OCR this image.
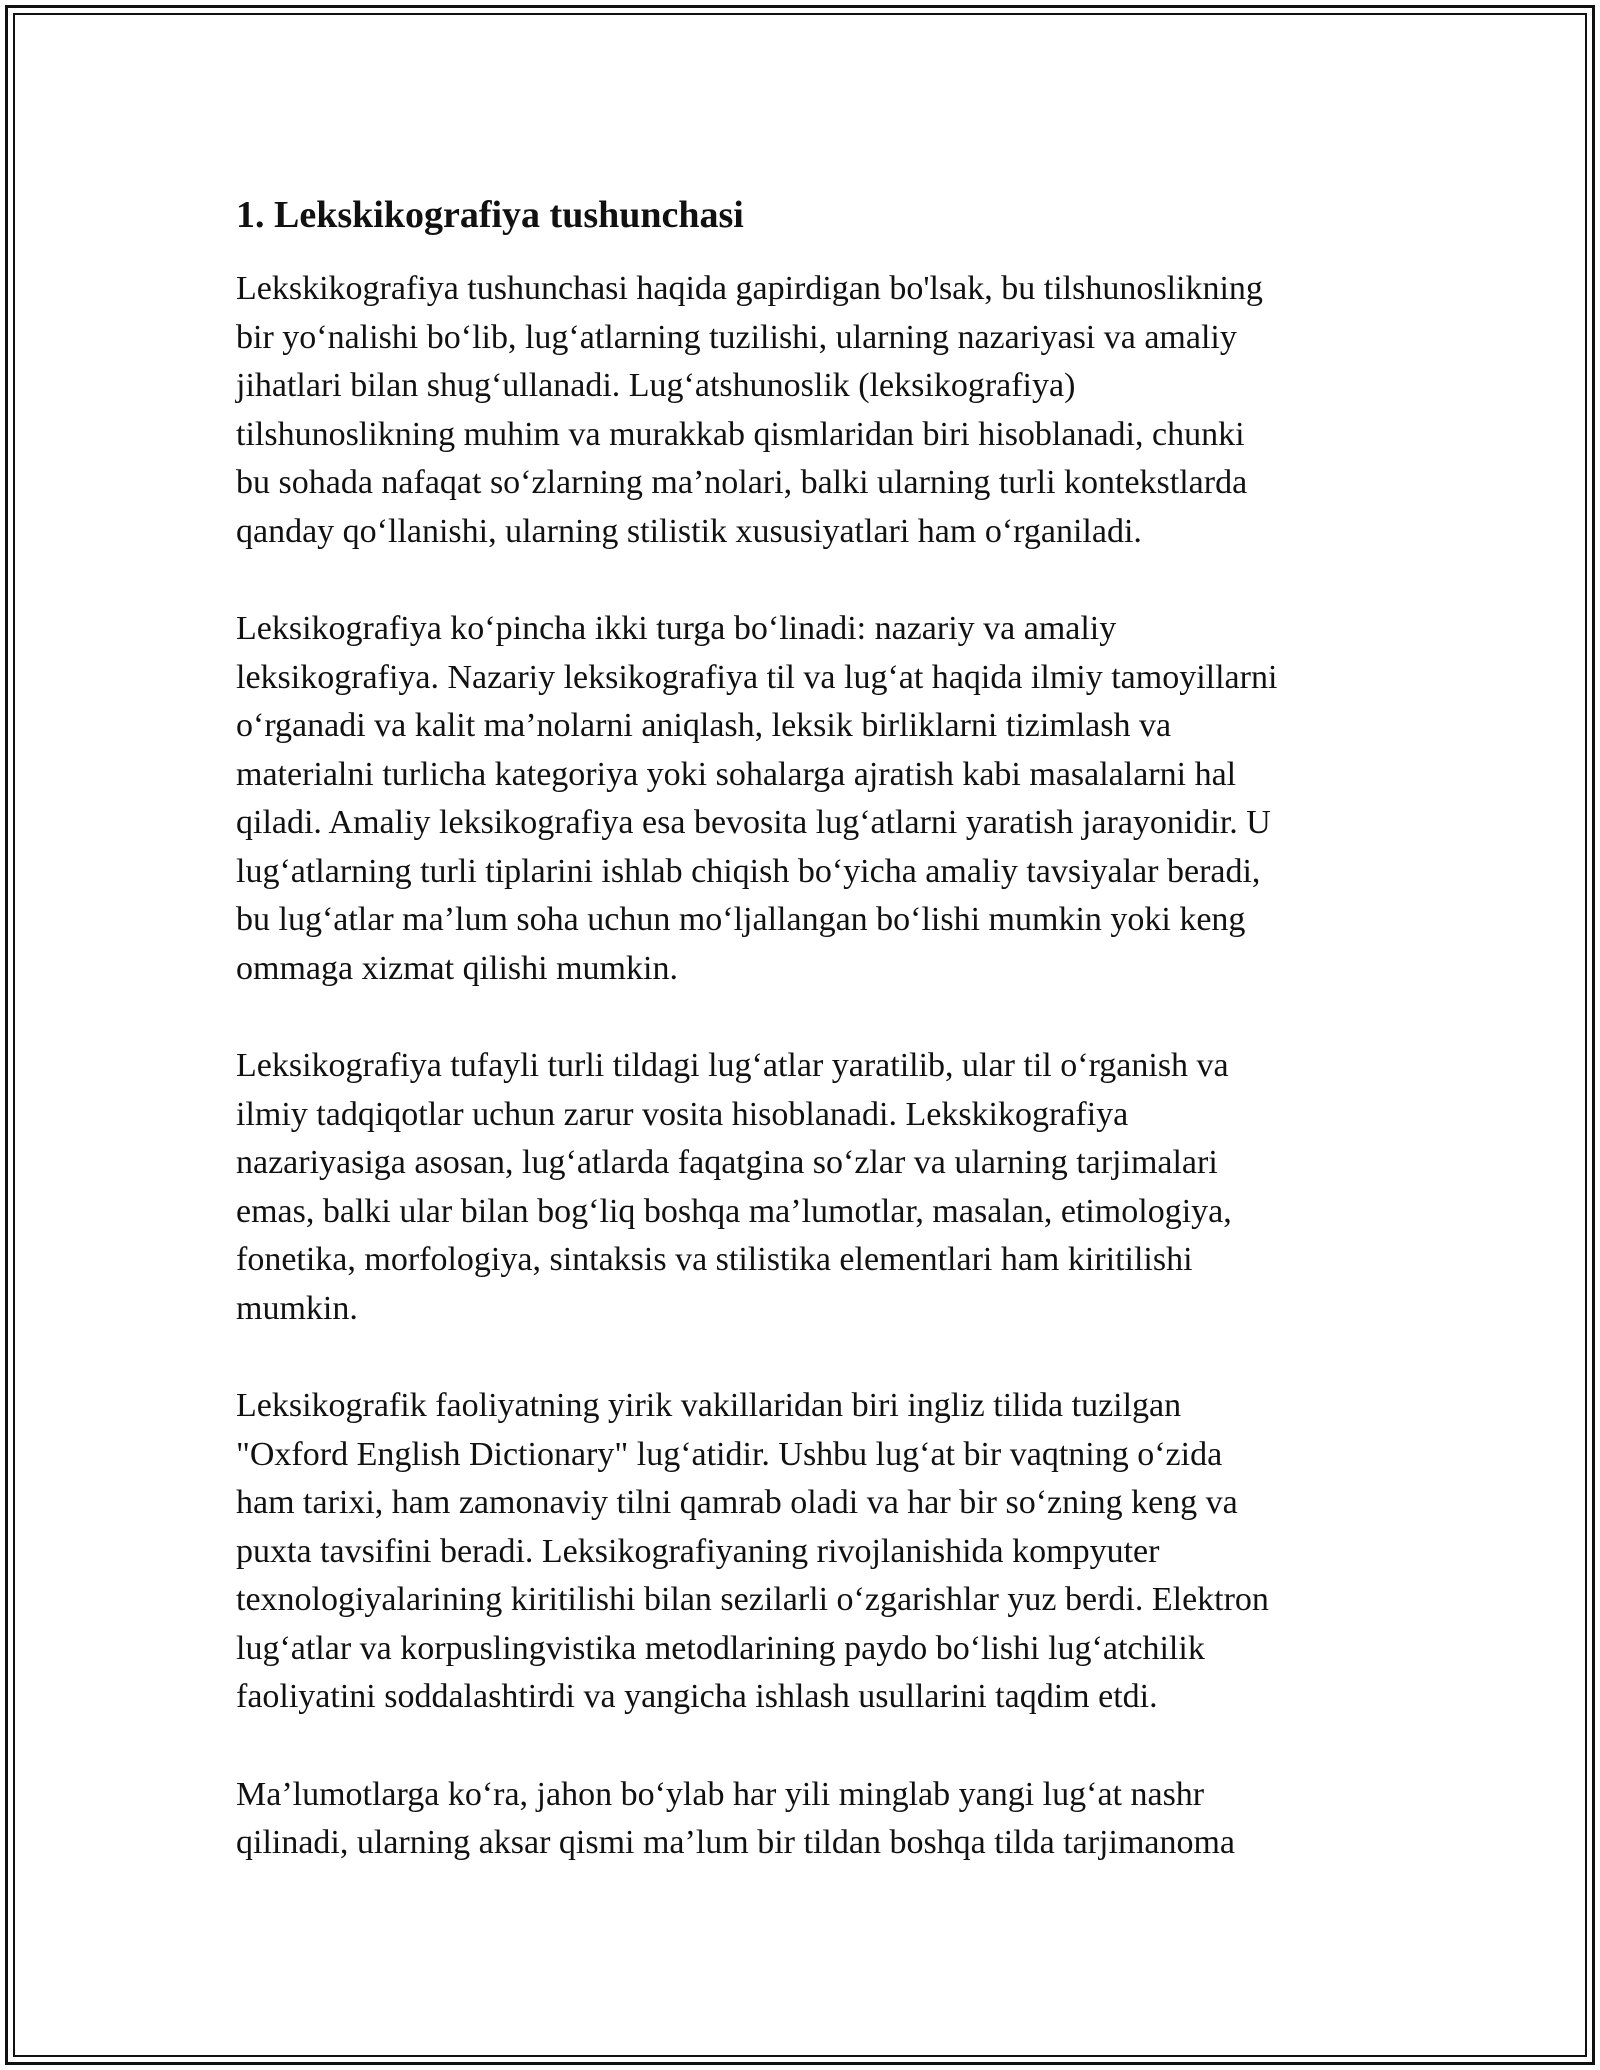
1. Lekskikografiya tushunchasi

Lekskikografiya tushunchasi haqida gapirdigan bo'lsak, bu tilshunoslikning
bir yo‘nalishi bo‘lib, lug‘atlarning tuzilishi, ularning nazariyasi va amaliy
jihatlari bilan shug‘ullanadi. Lug‘atshunoslik (leksikografiya)
tilshunoslikning muhim va murakkab qismlaridan biri hisoblanadi, chunki
bu sohada nafaqat so‘zlarning ma’nolari, balki ularning turli kontekstlarda
qanday qo‘llanishi, ularning stilistik xususiyatlari ham o‘rganiladi.

Leksikografiya ko‘pincha ikki turga bo‘linadi: nazariy va amaliy
leksikografiya. Nazariy leksikografiya til va lug‘at haqida ilmiy tamoyillarni
o‘rganadi va kalit ma’nolarni aniqlash, leksik birliklarni tizimlash va
materialni turlicha kategoriya yoki sohalarga ajratish kabi masalalarni hal
qiladi. Amaliy leksikografiya esa bevosita lug‘atlarni yaratish jarayonidir. U
lug‘atlarning turli tiplarini ishlab chiqish bo‘yicha amaliy tavsiyalar beradi,
bu lug‘atlar ma’lum soha uchun mo‘ljallangan bo‘lishi mumkin yoki keng
ommaga xizmat qilishi mumkin.

Leksikografiya tufayli turli tildagi lug‘atlar yaratilib, ular til o‘rganish va
ilmiy tadqiqotlar uchun zarur vosita hisoblanadi. Lekskikografiya
nazariyasiga asosan, lug‘atlarda faqatgina so‘zlar va ularning tarjimalari
emas, balki ular bilan bog‘liq boshqa ma’lumotlar, masalan, etimologiya,
fonetika, morfologiya, sintaksis va stilistika elementlari ham kiritilishi
mumkin.

Leksikografik faoliyatning yirik vakillaridan biri ingliz tilida tuzilgan
"Oxford English Dictionary" lug‘atidir. Ushbu lug‘at bir vaqtning o‘zida
ham tarixi, ham zamonaviy tilni qamrab oladi va har bir so‘zning keng va
puxta tavsifini beradi. Leksikografiyaning rivojlanishida kompyuter
texnologiyalarining kiritilishi bilan sezilarli o‘zgarishlar yuz berdi. Elektron
lug‘atlar va korpuslingvistika metodlarining paydo bo‘lishi lug‘atchilik
faoliyatini soddalashtirdi va yangicha ishlash usullarini taqdim etdi.

Ma’lumotlarga ko‘ra, jahon bo‘ylab har yili minglab yangi lug‘at nashr
qilinadi, ularning aksar qismi ma’lum bir tildan boshqa tilda tarjimanoma
